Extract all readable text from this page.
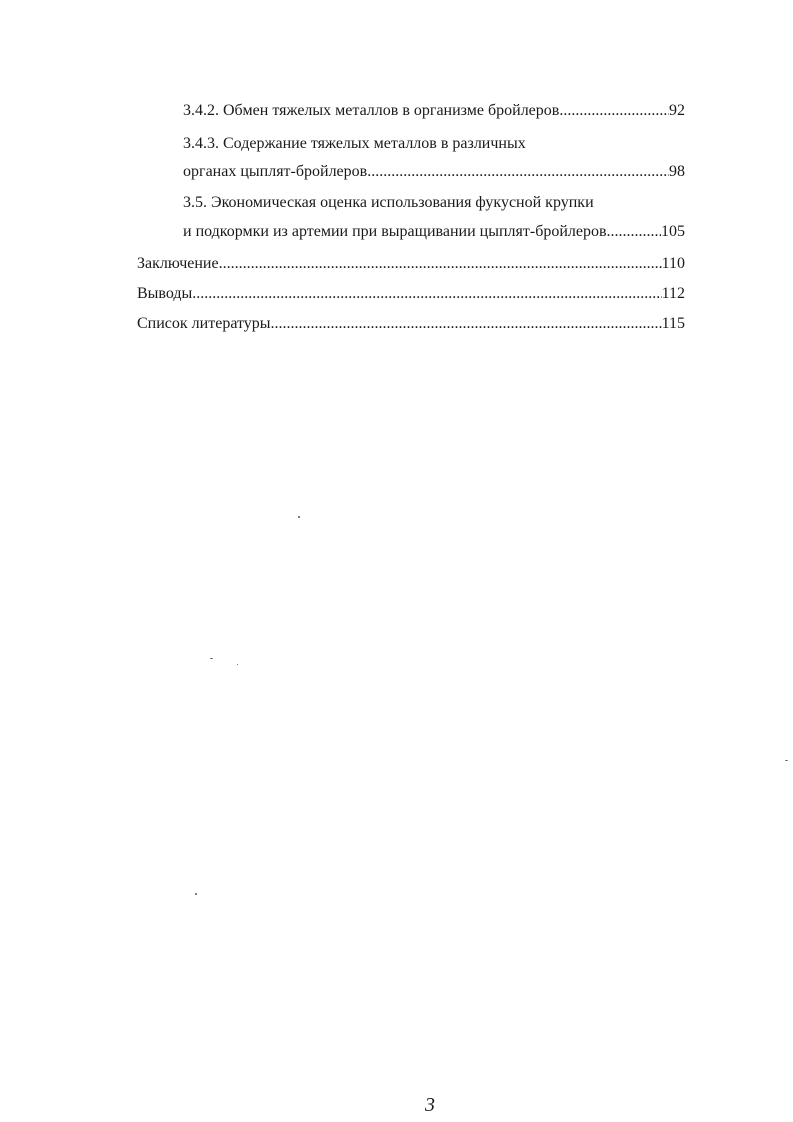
3.4.2. Обмен тяжелых металлов в организме бройлеров .....	92
3.4.3. Содержание тяжелых металлов в различных
органах цыплят-бройлеров .....	98
3.5. Экономическая оценка использования фукусной крупки
и подкормки из артемии при выращивании цыплят-бройлеров .....	105
Заключение .....	110
Выводы .....	112
Список литературы .....	115
3
